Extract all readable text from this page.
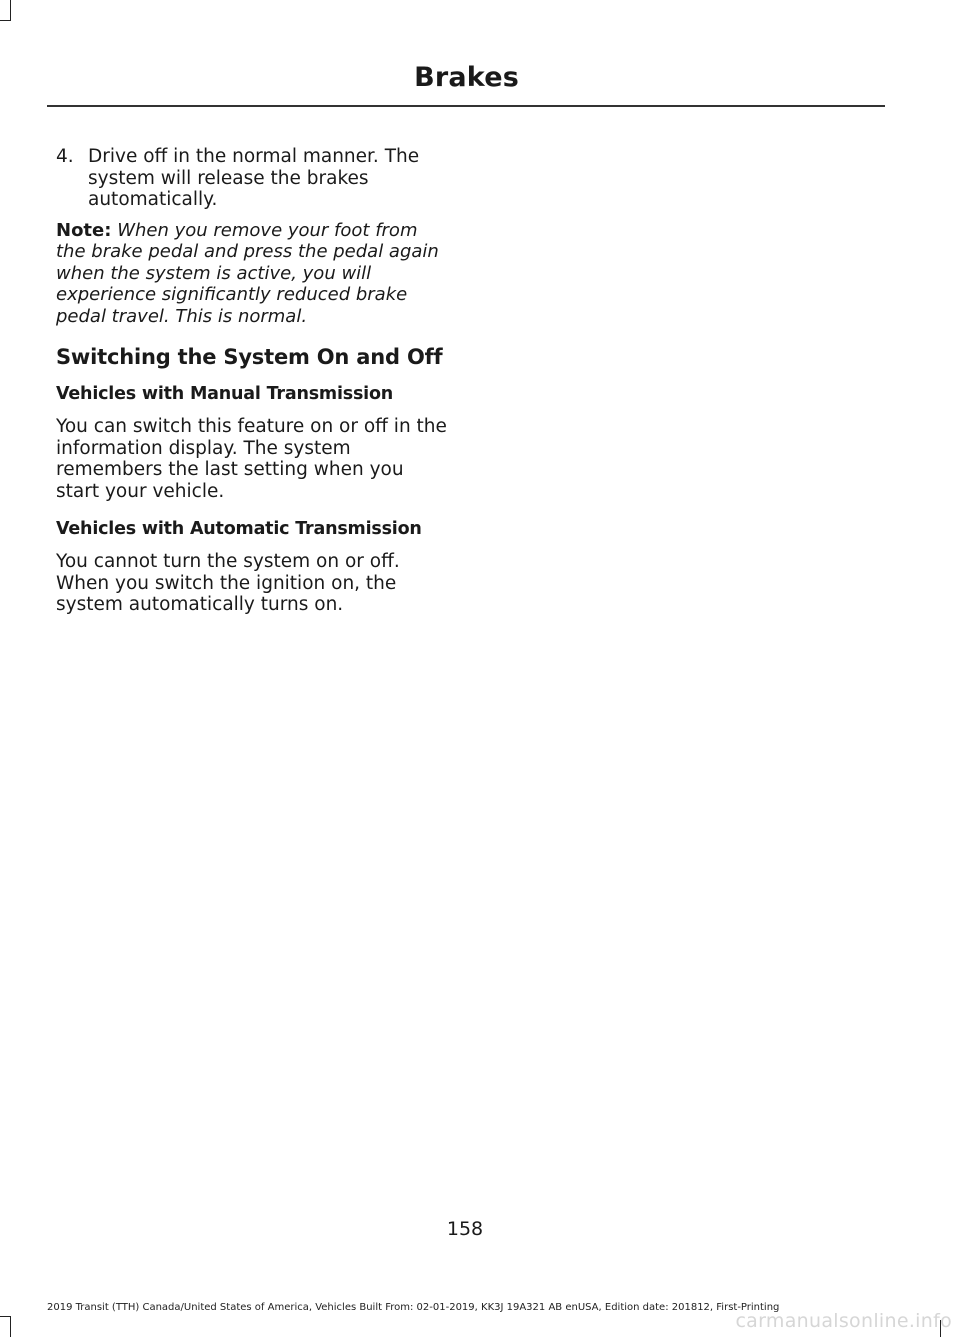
Brakes
4. Drive off in the normal manner. The system will release the brakes automatically.
Note: When you remove your foot from the brake pedal and press the pedal again when the system is active, you will experience significantly reduced brake pedal travel. This is normal.
Switching the System On and Off
Vehicles with Manual Transmission
You can switch this feature on or off in the information display. The system remembers the last setting when you start your vehicle.
Vehicles with Automatic Transmission
You cannot turn the system on or off. When you switch the ignition on, the system automatically turns on.
158
2019 Transit (TTH) Canada/United States of America, Vehicles Built From: 02-01-2019, KK3J 19A321 AB enUSA, Edition date: 201812, First-Printing
carmanualsonline.info
